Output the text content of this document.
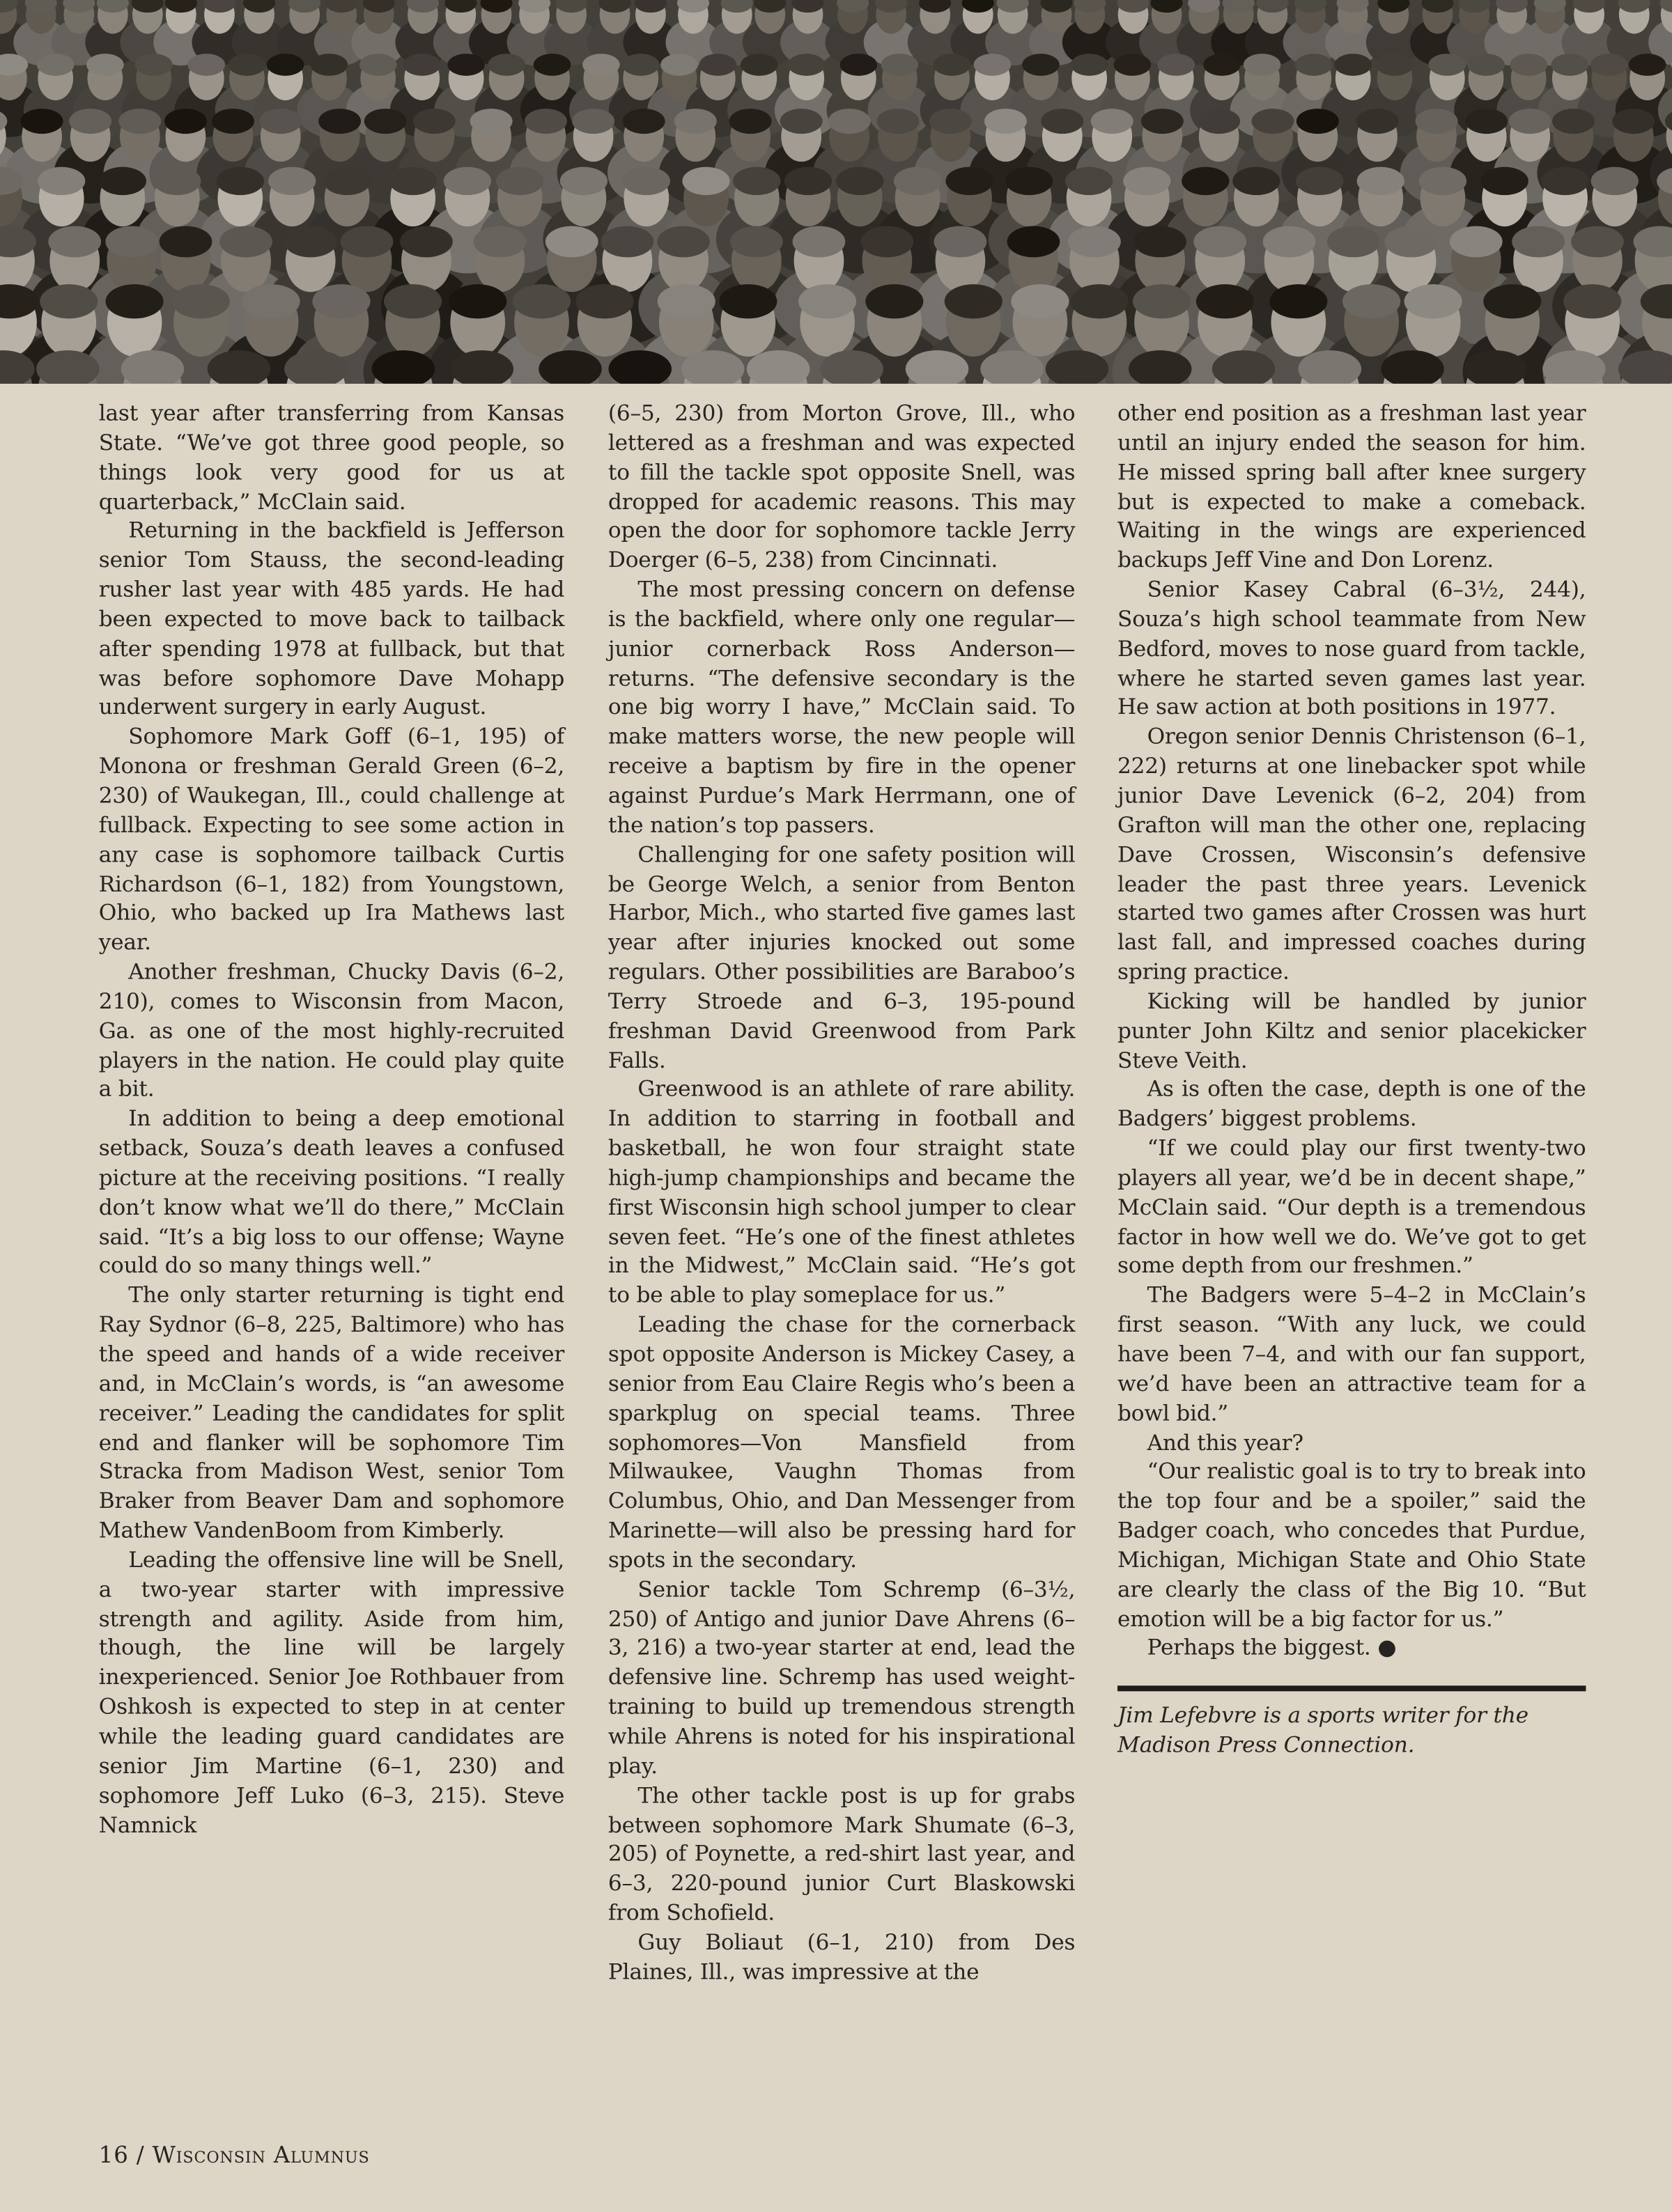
last year after transferring from Kansas State. “We’ve got three good people, so things look very good for us at quarterback,” McClain said.

Returning in the backfield is Jefferson senior Tom Stauss, the second-leading rusher last year with 485 yards. He had been expected to move back to tailback after spending 1978 at fullback, but that was before sophomore Dave Mohapp underwent surgery in early August.

Sophomore Mark Goff (6–1, 195) of Monona or freshman Gerald Green (6–2, 230) of Waukegan, Ill., could challenge at fullback. Expecting to see some action in any case is sophomore tailback Curtis Richardson (6–1, 182) from Youngstown, Ohio, who backed up Ira Mathews last year.

Another freshman, Chucky Davis (6–2, 210), comes to Wisconsin from Macon, Ga. as one of the most highly-recruited players in the nation. He could play quite a bit.

In addition to being a deep emotional setback, Souza’s death leaves a confused picture at the receiving positions. “I really don’t know what we’ll do there,” McClain said. “It’s a big loss to our offense; Wayne could do so many things well.”

The only starter returning is tight end Ray Sydnor (6–8, 225, Baltimore) who has the speed and hands of a wide receiver and, in McClain’s words, is “an awesome receiver.” Leading the candidates for split end and flanker will be sophomore Tim Stracka from Madison West, senior Tom Braker from Beaver Dam and sophomore Mathew VandenBoom from Kimberly.

Leading the offensive line will be Snell, a two-year starter with impressive strength and agility. Aside from him, though, the line will be largely inexperienced. Senior Joe Rothbauer from Oshkosh is expected to step in at center while the leading guard candidates are senior Jim Martine (6–1, 230) and sophomore Jeff Luko (6–3, 215). Steve Namnick

(6–5, 230) from Morton Grove, Ill., who lettered as a freshman and was expected to fill the tackle spot opposite Snell, was dropped for academic reasons. This may open the door for sophomore tackle Jerry Doerger (6–5, 238) from Cincinnati.

The most pressing concern on defense is the backfield, where only one regular—junior cornerback Ross Anderson—returns. “The defensive secondary is the one big worry I have,” McClain said. To make matters worse, the new people will receive a baptism by fire in the opener against Purdue’s Mark Herrmann, one of the nation’s top passers.

Challenging for one safety position will be George Welch, a senior from Benton Harbor, Mich., who started five games last year after injuries knocked out some regulars. Other possibilities are Baraboo’s Terry Stroede and 6–3, 195-pound freshman David Greenwood from Park Falls.

Greenwood is an athlete of rare ability. In addition to starring in football and basketball, he won four straight state high-jump championships and became the first Wisconsin high school jumper to clear seven feet. “He’s one of the finest athletes in the Midwest,” McClain said. “He’s got to be able to play someplace for us.”

Leading the chase for the cornerback spot opposite Anderson is Mickey Casey, a senior from Eau Claire Regis who’s been a sparkplug on special teams. Three sophomores—Von Mansfield from Milwaukee, Vaughn Thomas from Columbus, Ohio, and Dan Messenger from Marinette—will also be pressing hard for spots in the secondary.

Senior tackle Tom Schremp (6–3½, 250) of Antigo and junior Dave Ahrens (6–3, 216) a two-year starter at end, lead the defensive line. Schremp has used weight-training to build up tremendous strength while Ahrens is noted for his inspirational play.

The other tackle post is up for grabs between sophomore Mark Shumate (6–3, 205) of Poynette, a red-shirt last year, and 6–3, 220-pound junior Curt Blaskowski from Schofield.

Guy Boliaut (6–1, 210) from Des Plaines, Ill., was impressive at the

other end position as a freshman last year until an injury ended the season for him. He missed spring ball after knee surgery but is expected to make a comeback. Waiting in the wings are experienced backups Jeff Vine and Don Lorenz.

Senior Kasey Cabral (6–3½, 244), Souza’s high school teammate from New Bedford, moves to nose guard from tackle, where he started seven games last year. He saw action at both positions in 1977.

Oregon senior Dennis Christenson (6–1, 222) returns at one linebacker spot while junior Dave Levenick (6–2, 204) from Grafton will man the other one, replacing Dave Crossen, Wisconsin’s defensive leader the past three years. Levenick started two games after Crossen was hurt last fall, and impressed coaches during spring practice.

Kicking will be handled by junior punter John Kiltz and senior placekicker Steve Veith.

As is often the case, depth is one of the Badgers’ biggest problems.

“If we could play our first twenty-two players all year, we’d be in decent shape,” McClain said. “Our depth is a tremendous factor in how well we do. We’ve got to get some depth from our freshmen.”

The Badgers were 5–4–2 in McClain’s first season. “With any luck, we could have been 7–4, and with our fan support, we’d have been an attractive team for a bowl bid.”

And this year?

“Our realistic goal is to try to break into the top four and be a spoiler,” said the Badger coach, who concedes that Purdue, Michigan, Michigan State and Ohio State are clearly the class of the Big 10. “But emotion will be a big factor for us.”

Perhaps the biggest. ●

Jim Lefebvre is a sports writer for the Madison Press Connection.

16 / Wisconsin Alumnus
